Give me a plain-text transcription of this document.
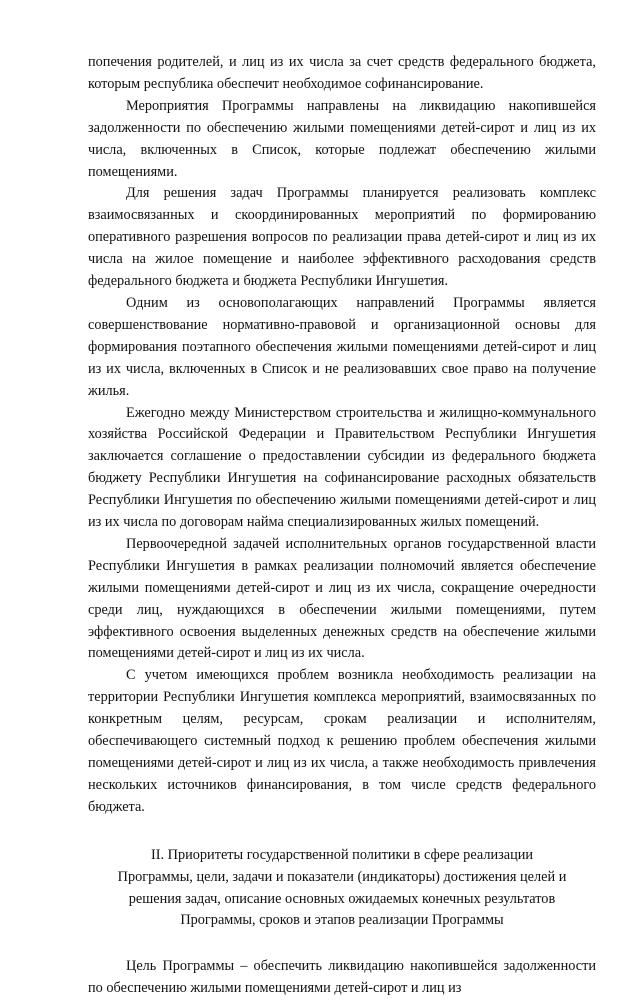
попечения родителей, и лиц из их числа за счет средств федерального бюджета, которым республика обеспечит необходимое софинансирование.

Мероприятия Программы направлены на ликвидацию накопившейся задолженности по обеспечению жилыми помещениями детей-сирот и лиц из их числа, включенных в Список, которые подлежат обеспечению жилыми помещениями.

Для решения задач Программы планируется реализовать комплекс взаимосвязанных и скоординированных мероприятий по формированию оперативного разрешения вопросов по реализации права детей-сирот и лиц из их числа на жилое помещение и наиболее эффективного расходования средств федерального бюджета и бюджета Республики Ингушетия.

Одним из основополагающих направлений Программы является совершенствование нормативно-правовой и организационной основы для формирования поэтапного обеспечения жилыми помещениями детей-сирот и лиц из их числа, включенных в Список и не реализовавших свое право на получение жилья.

Ежегодно между Министерством строительства и жилищно-коммунального хозяйства Российской Федерации и Правительством Республики Ингушетия заключается соглашение о предоставлении субсидии из федерального бюджета бюджету Республики Ингушетия на софинансирование расходных обязательств Республики Ингушетия по обеспечению жилыми помещениями детей-сирот и лиц из их числа по договорам найма специализированных жилых помещений.

Первоочередной задачей исполнительных органов государственной власти Республики Ингушетия в рамках реализации полномочий является обеспечение жилыми помещениями детей-сирот и лиц из их числа, сокращение очередности среди лиц, нуждающихся в обеспечении жилыми помещениями, путем эффективного освоения выделенных денежных средств на обеспечение жилыми помещениями детей-сирот и лиц из их числа.

С учетом имеющихся проблем возникла необходимость реализации на территории Республики Ингушетия комплекса мероприятий, взаимосвязанных по конкретным целям, ресурсам, срокам реализации и исполнителям, обеспечивающего системный подход к решению проблем обеспечения жилыми помещениями детей-сирот и лиц из их числа, а также необходимость привлечения нескольких источников финансирования, в том числе средств федерального бюджета.

II. Приоритеты государственной политики в сфере реализации
Программы, цели, задачи и показатели (индикаторы) достижения целей и
решения задач, описание основных ожидаемых конечных результатов
Программы, сроков и этапов реализации Программы

Цель Программы – обеспечить ликвидацию накопившейся задолженности по обеспечению жилыми помещениями детей-сирот и лиц из
